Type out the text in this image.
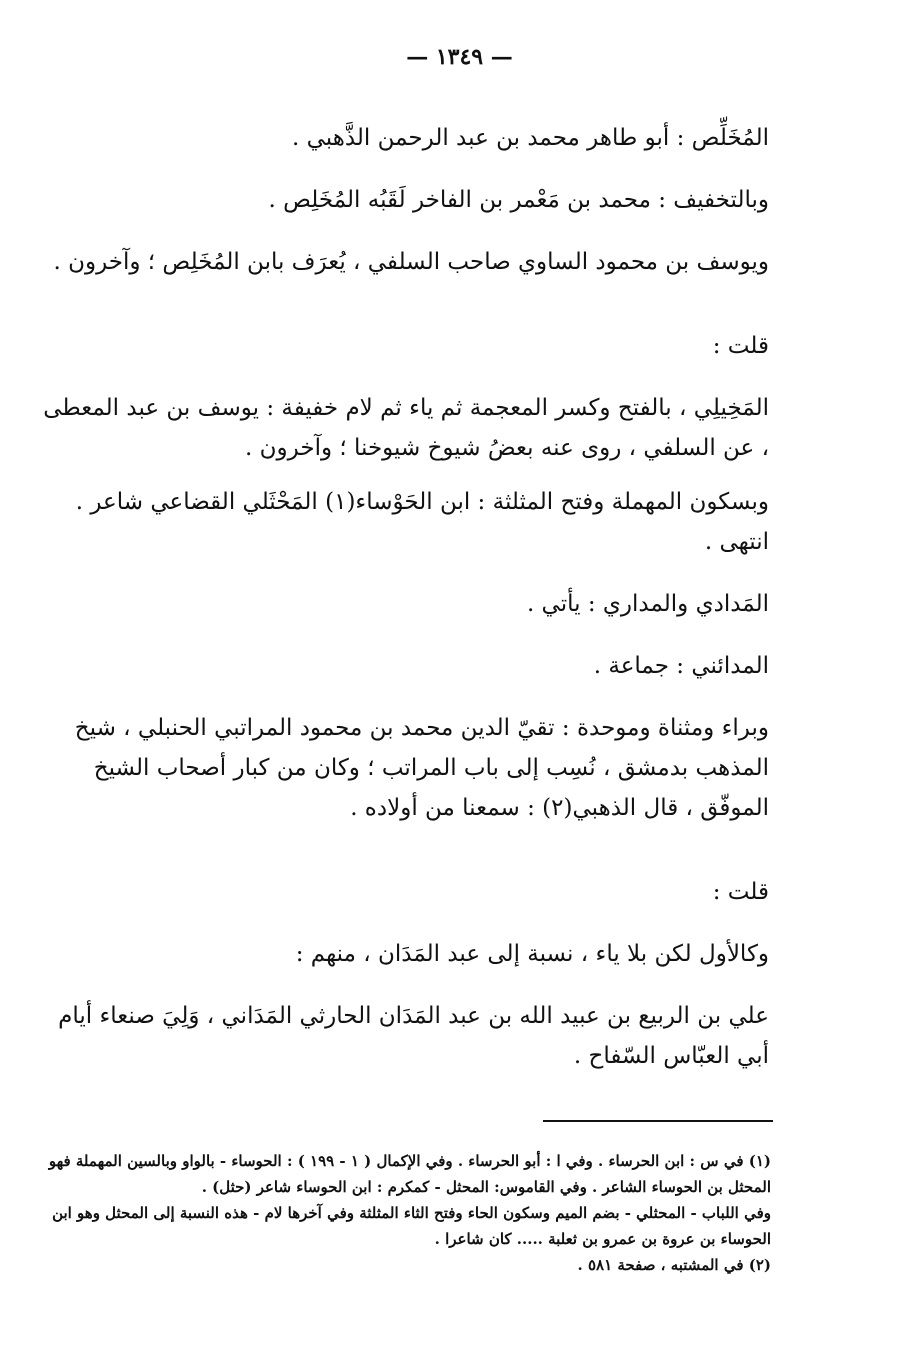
— ١٣٤٩ —

المُخَلِّص : أبو طاهر محمد بن عبد الرحمن الذَّهبي .

وبالتخفيف : محمد بن مَعْمر بن الفاخر لَقَبُه المُخَلِص .

ويوسف بن محمود الساوي صاحب السلفي ، يُعرَف بابن المُخَلِص ؛ وآخرون .

قلت :

المَخِيلِي ، بالفتح وكسر المعجمة ثم ياء ثم لام خفيفة : يوسف بن عبد المعطى ، عن السلفي ، روى عنه بعضُ شيوخ شيوخنا ؛ وآخرون .

وبسكون المهملة وفتح المثلثة : ابن الحَوْساء(١) المَحْثَلي القضاعي شاعر . انتهى .

المَدادي والمداري : يأتي .

المدائني : جماعة .

وبراء ومثناة وموحدة : تقيّ الدين محمد بن محمود المراتبي الحنبلي ، شيخ المذهب بدمشق ، نُسِب إلى باب المراتب ؛ وكان من كبار أصحاب الشيخ الموفّق ، قال الذهبي(٢) : سمعنا من أولاده .

قلت :

وكالأول لكن بلا ياء ، نسبة إلى عبد المَدَان ، منهم :

علي بن الربيع بن عبيد الله بن عبد المَدَان الحارثي المَدَاني ، وَلِيَ صنعاء أيام أبي العبّاس السّفاح .

(١) في س : ابن الحرساء . وفي ا : أبو الحرساء . وفي الإكمال ( ١ - ١٩٩ ) : الحوساء - بالواو وبالسين المهملة فهو المحثل بن الحوساء الشاعر . وفي القاموس: المحثل - كمكرم : ابن الحوساء شاعر (حثل) .

وفي اللباب - المحثلي - بضم الميم وسكون الحاء وفتح الثاء المثلثة وفي آخرها لام - هذه النسبة إلى المحثل وهو ابن الحوساء بن عروة بن عمرو بن ثعلبة ..... كان شاعرا .

(٢) في المشتبه ، صفحة ٥٨١ .
